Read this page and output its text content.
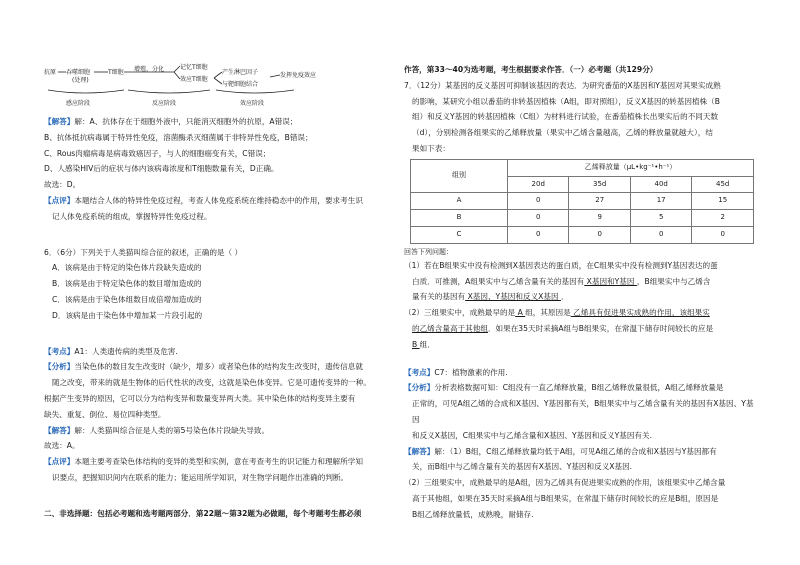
抗原 吞噬细胞
(处理)
T细胞 增殖、分化	记忆T细胞
效应T细胞
产生淋巴因子
与靶细胞结合
发挥免疫效应
感应阶段	反应阶段	效应阶段

【解答】解：A、抗体存在于细胞外液中，只能消灭细胞外的抗原，A错误；

B、抗体抵抗病毒属于特异性免疫，溶菌酶杀灭细菌属于非特异性免疫，B错误；

C、Rous肉瘤病毒是病毒致癌因子，与人的细胞癌变有关，C错误；

D、人感染HIV后的症状与体内该病毒浓度和T细胞数量有关，D正确。

故选：D。

【点评】本题结合人体的特异性免疫过程，考查人体免疫系统在维持稳态中的作用，要求考生识

记人体免疫系统的组成，掌握特异性免疫过程。

6．（6分）下列关于人类猫叫综合征的叙述，正确的是（ ）

A．该病是由于特定的染色体片段缺失造成的

B．该病是由于特定染色体的数目增加造成的

C．该病是由于染色体组数目成倍增加造成的

D．该病是由于染色体中增加某一片段引起的

【考点】A1：人类遗传病的类型及危害.

【分析】当染色体的数目发生改变时（缺少，增多）或者染色体的结构发生改变时，遗传信息就

随之改变，带来的就是生物体的后代性状的改变，这就是染色体变异。它是可遗传变异的一种。

根据产生变异的原因，它可以分为结构变异和数量变异两大类。其中染色体的结构变异主要有

缺失、重复、倒位、易位四种类型。

【解答】解：人类猫叫综合征是人类的第5号染色体片段缺失导致。

故选：A。

【点评】本题主要考查染色体结构的变异的类型和实例，意在考查考生的识记能力和理解所学知

识要点，把握知识间内在联系的能力；能运用所学知识，对生物学问题作出准确的判断。

二、非选择题：包括必考题和选考题两部分．第22题～第32题为必做题，每个考题考生都必须

作答，第33～40为选考题，考生根据要求作答．（一）必考题（共129分）

7．（12分）某基因的反义基因可抑制该基因的表达．为研究番茄的X基因和Y基因对其果实成熟

的影响，某研究小组以番茄的非转基因植株（A组，即对照组），反义X基因的转基因植株（B

组）和反义Y基因的转基因植株（C组）为材料进行试验，在番茄植株长出果实后的不同天数

（d），分别检测各组果实的乙烯释放量（果实中乙烯含量越高，乙烯的释放量就越大），结

果如下表：

组别	乙烯释放量（μL•kg⁻¹•h⁻¹）			
	20d	35d	40d	45d
A	0	27	17	15
B	0	9	5	2
C	0	0	0	0

回答下列问题：

（1）若在B组果实中没有检测到X基因表达的蛋白质，在C组果实中没有检测到Y基因表达的蛋

白质．可推测，A组果实中与乙烯含量有关的基因有 X基因和Y基因 ，B组果实中与乙烯含

量有关的基因有 X基因、Y基因和反义X基因 ．

（2）三组果实中，成熟最早的是 A 组，其原因是 乙烯具有促进果实成熟的作用，该组果实

的乙烯含量高于其他组．如果在35天时采摘A组与B组果实，在常温下储存时间较长的应是

B 组．

【考点】C7：植物激素的作用.

【分析】分析表格数据可知：C组没有一直乙烯释放量，B组乙烯释放量很低，A组乙烯释放量是

正常的，可见A组乙烯的合成和X基因、Y基因都有关，B组果实中与乙烯含量有关的基因有X基因、Y基因

和反义X基因，C组果实中与乙烯含量和X基因、Y基因和反义Y基因有关.

【解答】解：（1）B组，C组乙烯释放量均低于A组，可见A组乙烯的合成和X基因与Y基因都有

关，而B组中与乙烯含量有关的基因有X基因、Y基因和反义X基因.

（2）三组果实中，成熟最早的是A组，因为乙烯具有促进果实成熟的作用，该组果实中乙烯含量

高于其他组，如果在35天时采摘A组与B组果实，在常温下储存时间较长的应是B组，原因是

B组乙烯释放量低，成熟晚，耐储存.
